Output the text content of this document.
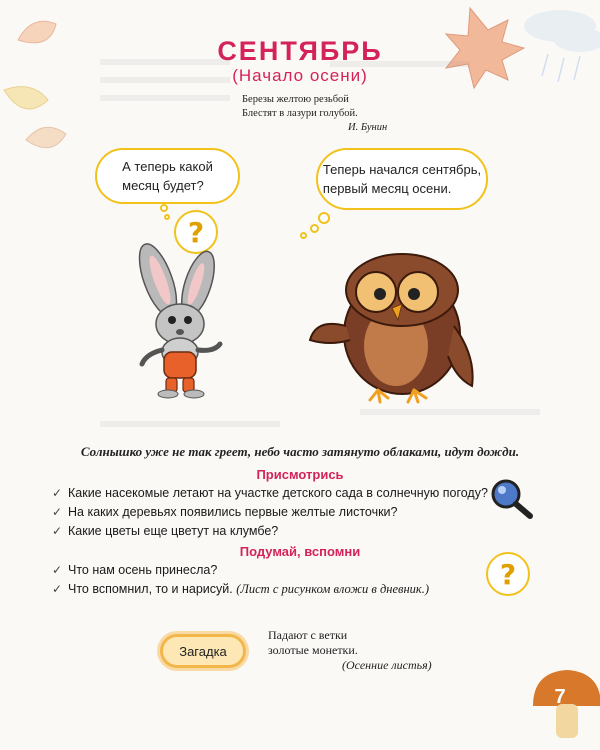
СЕНТЯБРЬ
(Начало осени)
Березы желтою резьбой
Блестят в лазури голубой.
И. Бунин
А теперь какой
месяц будет?
?
Теперь начался сентябрь,
первый месяц осени.
Солнышко уже не так греет, небо часто затянуто облаками, идут дожди.
Присмотрись
✓ Какие насекомые летают на участке детского сада в солнечную погоду?
✓ На каких деревьях появились первые желтые листочки?
✓ Какие цветы еще цветут на клумбе?
Подумай, вспомни
✓ Что нам осень принесла?
✓ Что вспомнил, то и нарисуй. (Лист с рисунком вложи в дневник.)	?
Загадка
Падают с ветки
золотые монетки.
(Осенние листья)
7
